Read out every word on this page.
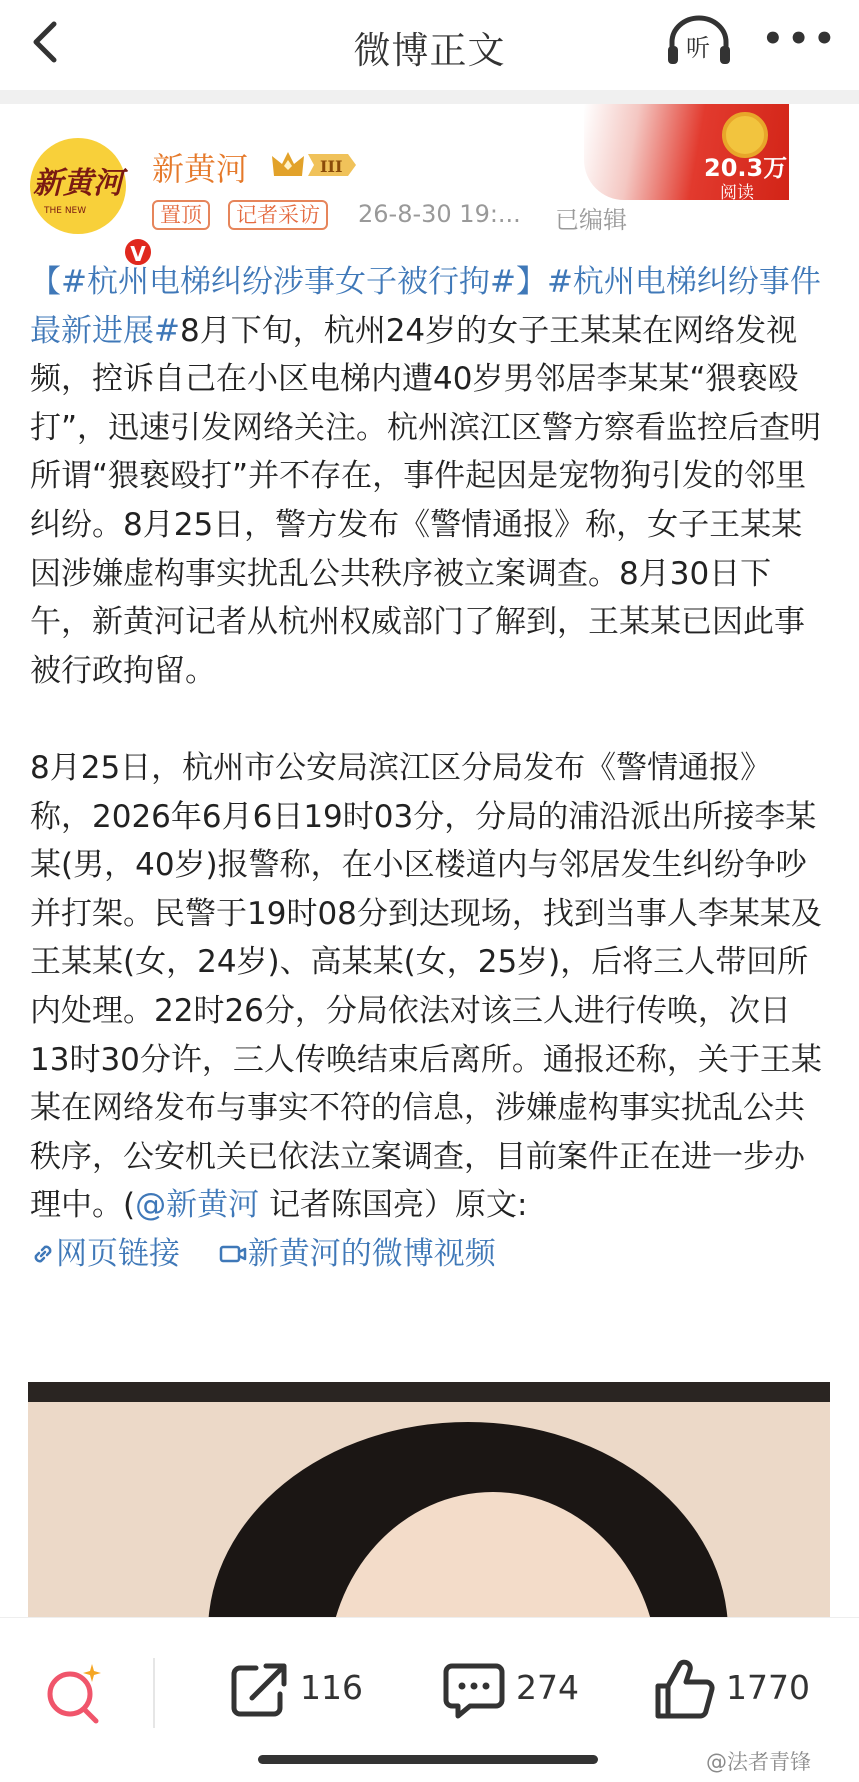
微博正文	听 •••
新黄河
THE NEW
V
新黄河	III
置顶	记者采访	26-8-30 19:... 已编辑
20.3万
阅读

【#杭州电梯纠纷涉事女子被行拘#】#杭州电梯纠纷事件最新进展#8月下旬，杭州24岁的女子王某某在网络发视频，控诉自己在小区电梯内遭40岁男邻居李某某“猥亵殴打”，迅速引发网络关注。杭州滨江区警方察看监控后查明所谓“猥亵殴打”并不存在，事件起因是宠物狗引发的邻里纠纷。8月25日，警方发布《警情通报》称，女子王某某因涉嫌虚构事实扰乱公共秩序被立案调查。8月30日下午，新黄河记者从杭州权威部门了解到，王某某已因此事被行政拘留。

8月25日，杭州市公安局滨江区分局发布《警情通报》称，2026年6月6日19时03分，分局的浦沿派出所接李某某(男，40岁)报警称，在小区楼道内与邻居发生纠纷争吵并打架。民警于19时08分到达现场，找到当事人李某某及王某某(女，24岁)、高某某(女，25岁)，后将三人带回所内处理。22时26分，分局依法对该三人进行传唤，次日13时30分许，三人传唤结束后离所。通报还称，关于王某某在网络发布与事实不符的信息，涉嫌虚构事实扰乱公共秩序，公安机关已依法立案调查，目前案件正在进一步办理中。(@新黄河 记者陈国亮）原文:

网页链接 新黄河的微博视频

116	274	1770
@法者青锋
